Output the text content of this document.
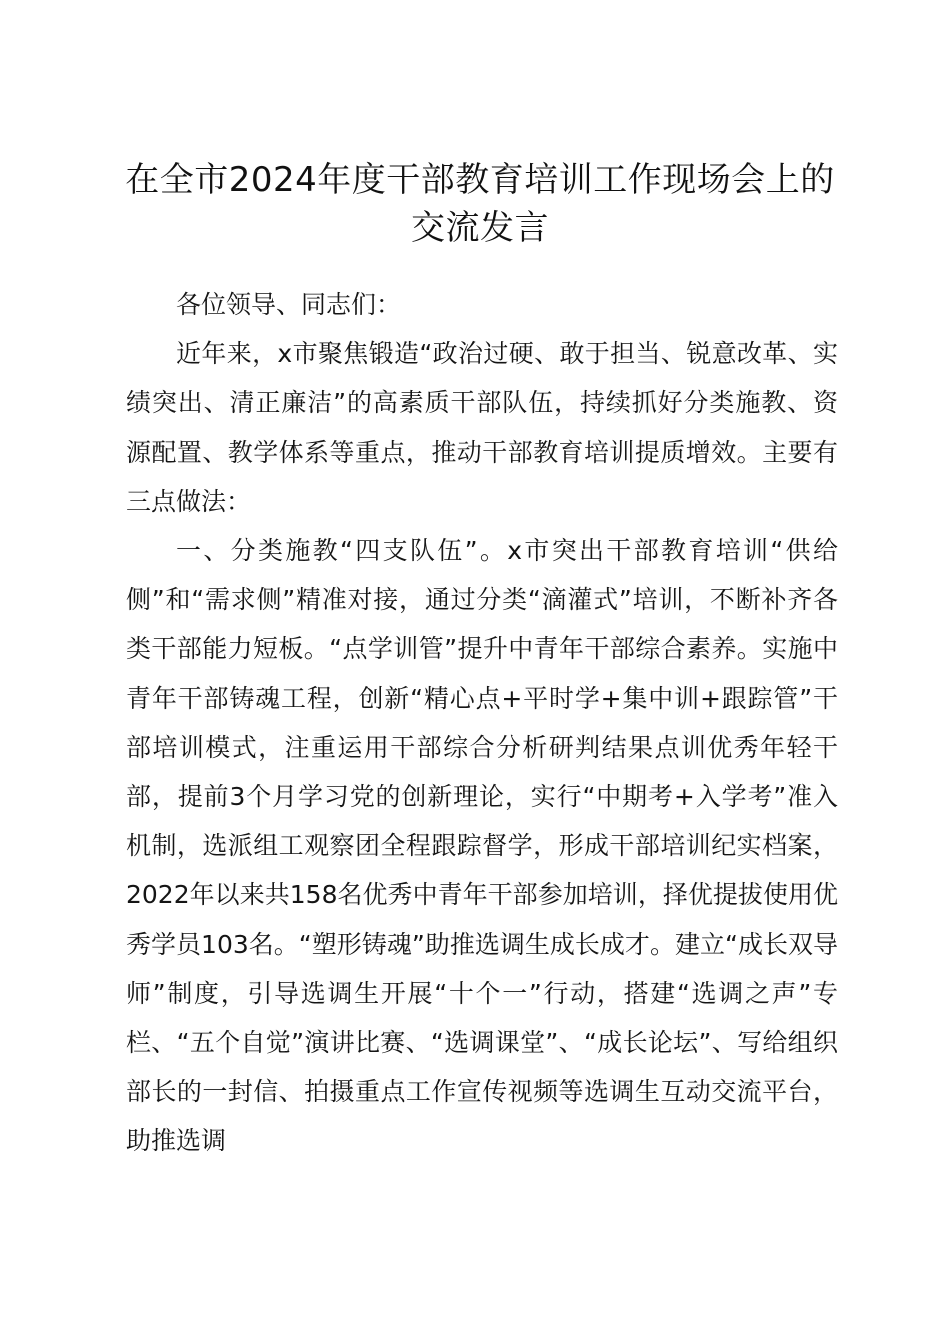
在全市2024年度干部教育培训工作现场会上的交流发言

各位领导、同志们：

近年来，x市聚焦锻造“政治过硬、敢于担当、锐意改革、实绩突出、清正廉洁”的高素质干部队伍，持续抓好分类施教、资源配置、教学体系等重点，推动干部教育培训提质增效。主要有三点做法：

一、分类施教“四支队伍”。x市突出干部教育培训“供给侧”和“需求侧”精准对接，通过分类“滴灌式”培训，不断补齐各类干部能力短板。“点学训管”提升中青年干部综合素养。实施中青年干部铸魂工程，创新“精心点+平时学+集中训+跟踪管”干部培训模式，注重运用干部综合分析研判结果点训优秀年轻干部，提前3个月学习党的创新理论，实行“中期考+入学考”准入机制，选派组工观察团全程跟踪督学，形成干部培训纪实档案，2022年以来共158名优秀中青年干部参加培训，择优提拔使用优秀学员103名。“塑形铸魂”助推选调生成长成才。建立“成长双导师”制度，引导选调生开展“十个一”行动，搭建“选调之声”专栏、“五个自觉”演讲比赛、“选调课堂”、“成长论坛”、写给组织部长的一封信、拍摄重点工作宣传视频等选调生互动交流平台，助推选调
